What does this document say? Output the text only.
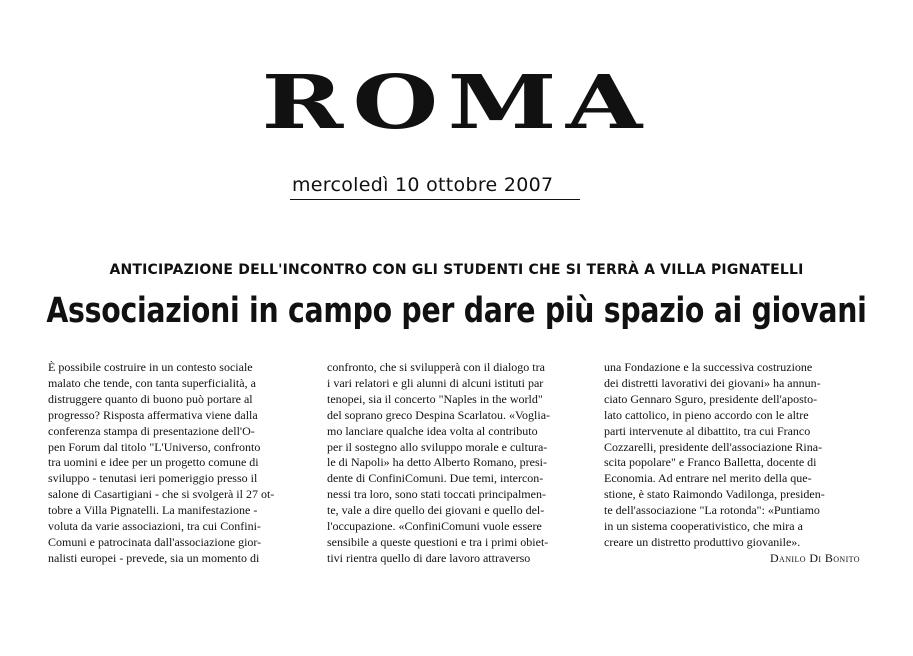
ROMA
mercoledì 10 ottobre 2007
ANTICIPAZIONE DELL'INCONTRO CON GLI STUDENTI CHE SI TERRÀ A VILLA PIGNATELLI
Associazioni in campo per dare più spazio ai giovani
È possibile costruire in un contesto sociale
malato che tende, con tanta superficialità, a
distruggere quanto di buono può portare al
progresso? Risposta affermativa viene dalla
conferenza stampa di presentazione dell'O-
pen Forum dal titolo "L'Universo, confronto
tra uomini e idee per un progetto comune di
sviluppo - tenutasi ieri pomeriggio presso il
salone di Casartigiani - che si svolgerà il 27 ot-
tobre a Villa Pignatelli. La manifestazione -
voluta da varie associazioni, tra cui Confini-
Comuni e patrocinata dall'associazione gior-
nalisti europei - prevede, sia un momento di
confronto, che si svilupperà con il dialogo tra
i vari relatori e gli alunni di alcuni istituti par
tenopei, sia il concerto "Naples in the world"
del soprano greco Despina Scarlatou. «Voglia-
mo lanciare qualche idea volta al contributo
per il sostegno allo sviluppo morale e cultura-
le di Napoli» ha detto Alberto Romano, presi-
dente di ConfiniComuni. Due temi, intercon-
nessi tra loro, sono stati toccati principalmen-
te, vale a dire quello dei giovani e quello del-
l'occupazione. «ConfiniComuni vuole essere
sensibile a queste questioni e tra i primi obiet-
tivi rientra quello di dare lavoro attraverso
una Fondazione e la successiva costruzione
dei distretti lavorativi dei giovani» ha annun-
ciato Gennaro Sguro, presidente dell'aposto-
lato cattolico, in pieno accordo con le altre
parti intervenute al dibattito, tra cui Franco
Cozzarelli, presidente dell'associazione Rina-
scita popolare" e Franco Balletta, docente di
Economia. Ad entrare nel merito della que-
stione, è stato Raimondo Vadilonga, presiden-
te dell'associazione "La rotonda": «Puntiamo
in un sistema cooperativistico, che mira a
creare un distretto produttivo giovanile».
Danilo Di Bonito
